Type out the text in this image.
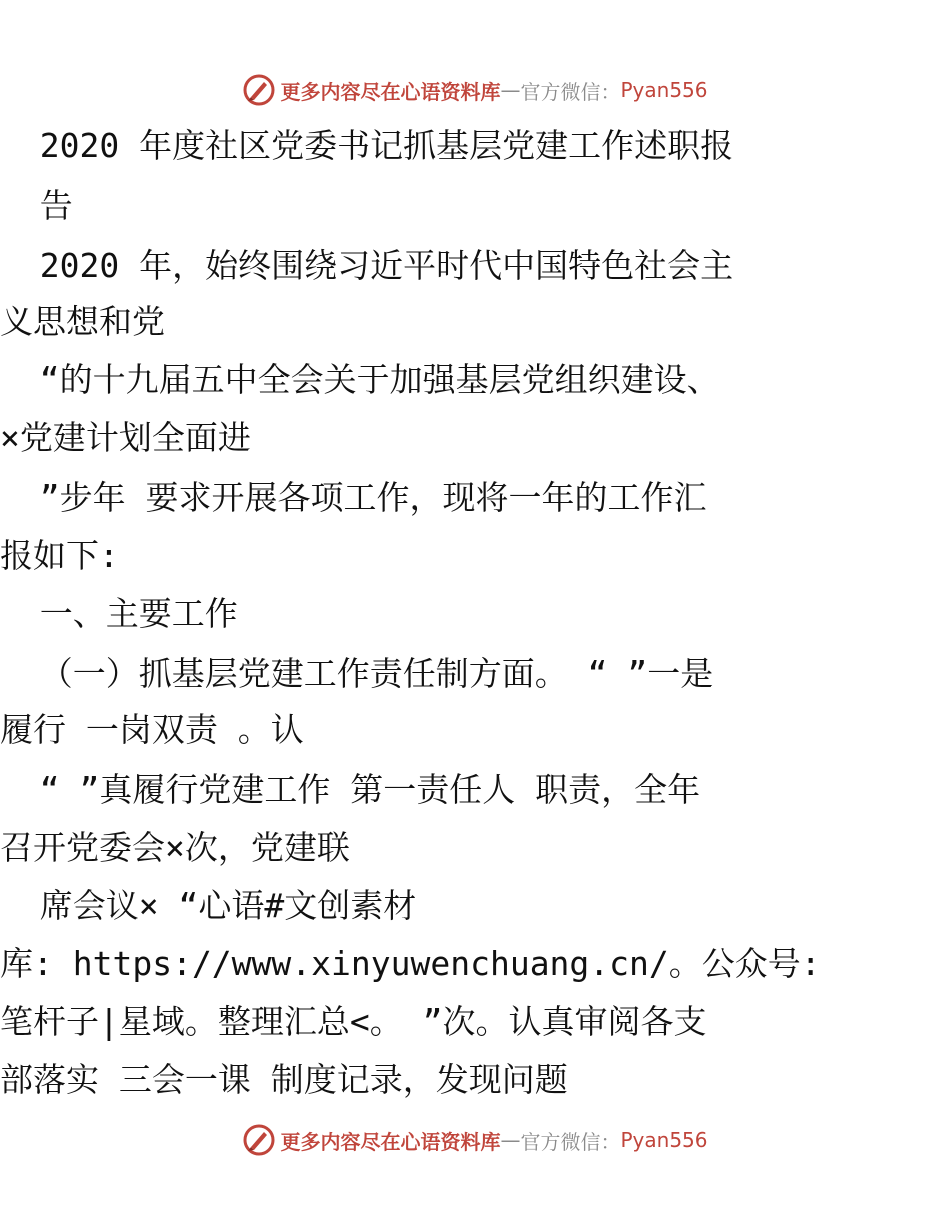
更多内容尽在心语资料库 — 官方微信： Pyan556
2020 年度社区党委书记抓基层党建工作述职报
告
2020 年，始终围绕习近平时代中国特色社会主
义思想和党
“的十九届五中全会关于加强基层党组织建设、
×党建计划全面进
”步年 要求开展各项工作，现将一年的工作汇
报如下:
一、主要工作
（一）抓基层党建工作责任制方面。 “ ”一是
履行 一岗双责 。认
“ ”真履行党建工作 第一责任人 职责，全年
召开党委会×次，党建联
席会议× “心语#文创素材
库: https://www.xinyuwenchuang.cn/。公众号:
笔杆子|星域。整理汇总<。 ”次。认真审阅各支
部落实 三会一课 制度记录，发现问题
更多内容尽在心语资料库 — 官方微信： Pyan556
